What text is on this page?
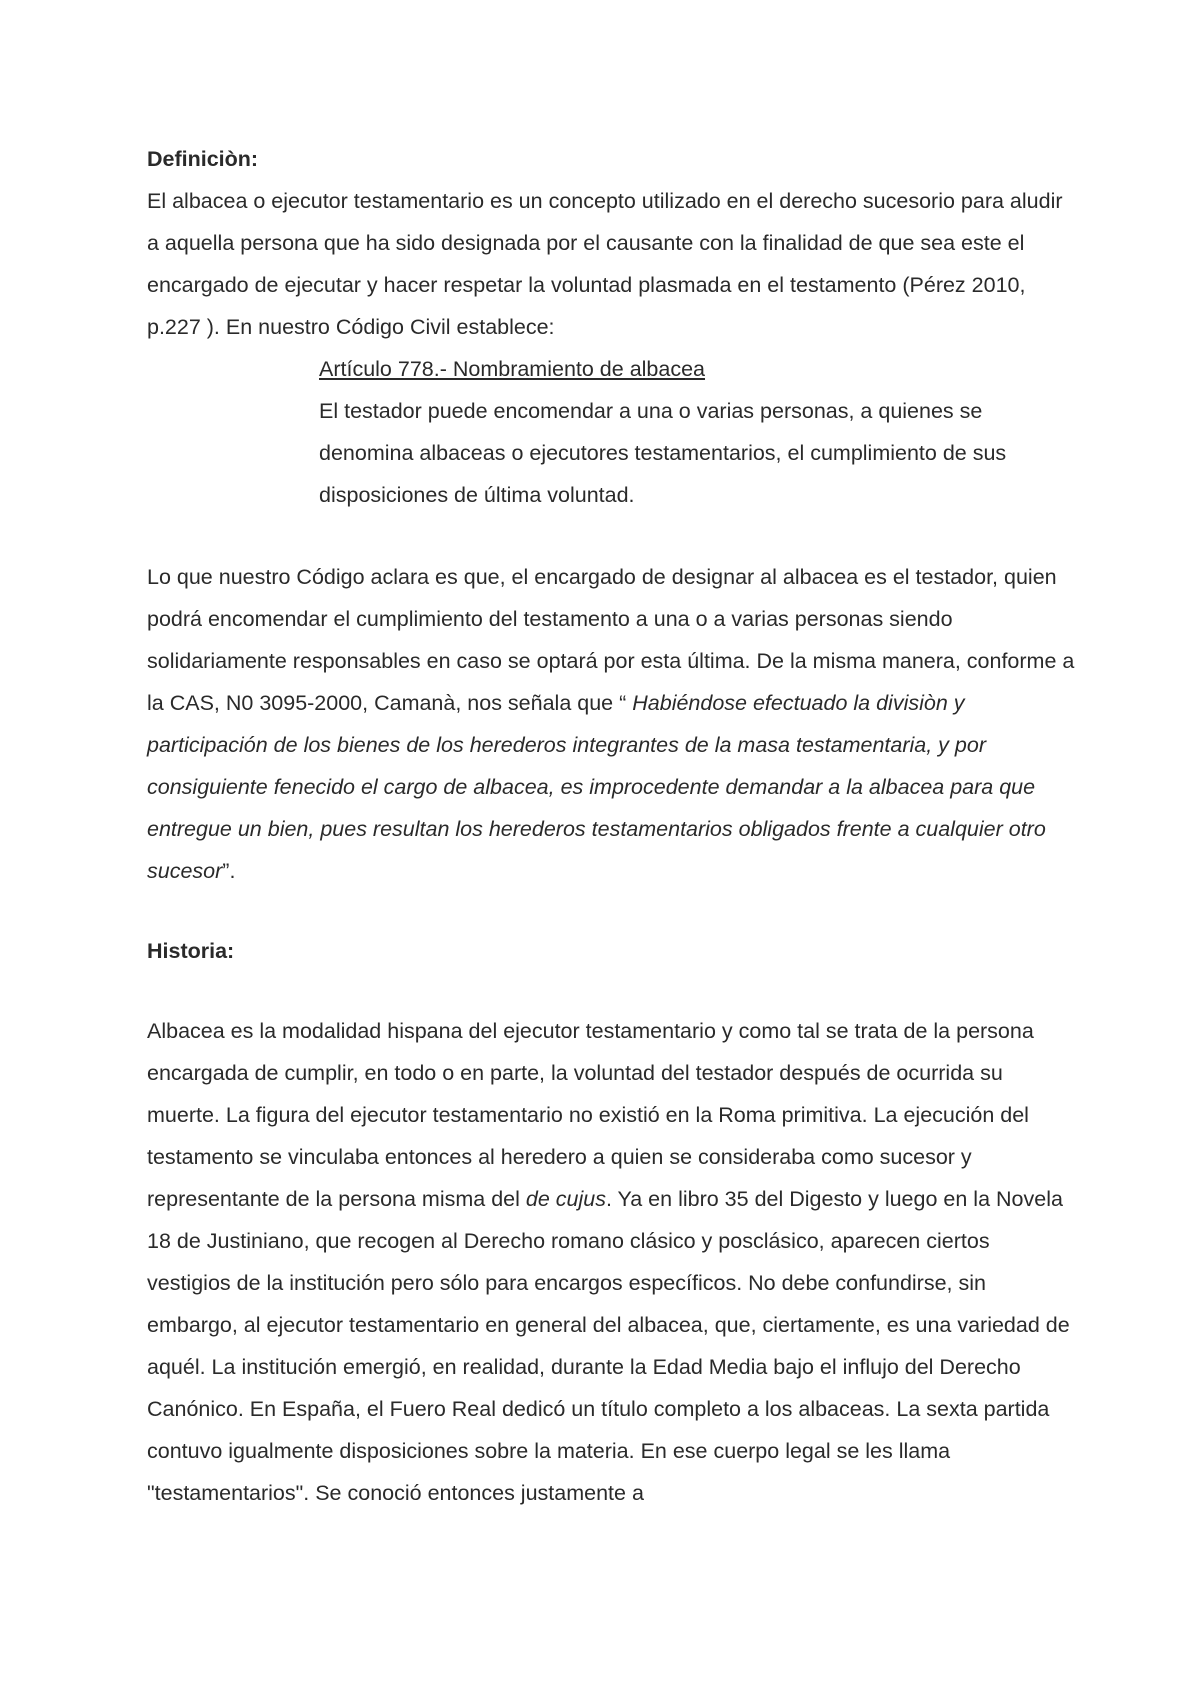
Definiciòn:

El albacea o ejecutor testamentario es un concepto utilizado en el derecho sucesorio para aludir a aquella persona que ha sido designada por el causante con la finalidad de que sea este el encargado de ejecutar y hacer respetar la voluntad plasmada en el testamento (Pérez 2010, p.227 ). En nuestro Código Civil establece:

Artículo 778.- Nombramiento de albacea

El testador puede encomendar a una o varias personas, a quienes se denomina albaceas o ejecutores testamentarios, el cumplimiento de sus disposiciones de última voluntad.

Lo que nuestro Código aclara es que, el encargado de designar al albacea es el testador, quien podrá encomendar el cumplimiento del testamento a una o a varias personas siendo solidariamente responsables en caso se optará por esta última. De la misma manera, conforme a la CAS, N0 3095-2000, Camanà, nos señala que “ Habiéndose efectuado la divisiòn y participación de los bienes de los herederos integrantes de la masa testamentaria, y por consiguiente fenecido el cargo de albacea, es improcedente demandar a la albacea para que entregue un bien, pues resultan los herederos testamentarios obligados frente a cualquier otro sucesor”.

Historia:

Albacea es la modalidad hispana del ejecutor testamentario y como tal se trata de la persona encargada de cumplir, en todo o en parte, la voluntad del testador después de ocurrida su muerte. La figura del ejecutor testamentario no existió en la Roma primitiva. La ejecución del testamento se vinculaba entonces al heredero a quien se consideraba como sucesor y representante de la persona misma del de cujus. Ya en libro 35 del Digesto y luego en la Novela 18 de Justiniano, que recogen al Derecho romano clásico y posclásico, aparecen ciertos vestigios de la institución pero sólo para encargos específicos. No debe confundirse, sin embargo, al ejecutor testamentario en general del albacea, que, ciertamente, es una variedad de aquél. La institución emergió, en realidad, durante la Edad Media bajo el influjo del Derecho Canónico. En España, el Fuero Real dedicó un título completo a los albaceas. La sexta partida contuvo igualmente disposiciones sobre la materia. En ese cuerpo legal se les llama "testamentarios". Se conoció entonces justamente a
